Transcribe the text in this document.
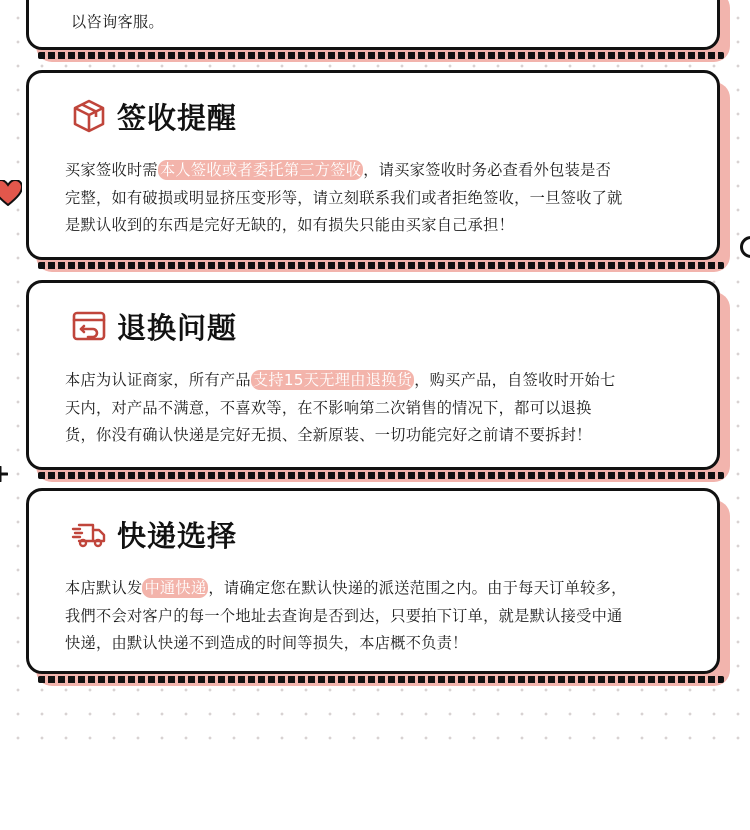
以咨询客服。
签收提醒
买家签收时需 本人签收或者委托第三方签收 ，请买家签收时务必查看外包装是否
完整，如有破损或明显挤压变形等，请立刻联系我们或者拒绝签收，一旦签收了就
是默认收到的东西是完好无缺的，如有损失只能由买家自己承担！
退换问题
本店为认证商家，所有产品 支持15天无理由退换货 ，购买产品，自签收时开始七
天内，对产品不满意，不喜欢等，在不影响第二次销售的情况下，都可以退换
货，你没有确认快递是完好无损、全新原装、一切功能完好之前请不要拆封！
快递选择
本店默认发 中通快递 ，请确定您在默认快递的派送范围之内。由于每天订单较多，
我們不会对客户的每一个地址去查询是否到达，只要拍下订单，就是默认接受中通
快递，由默认快递不到造成的时间等损失，本店概不负责！
